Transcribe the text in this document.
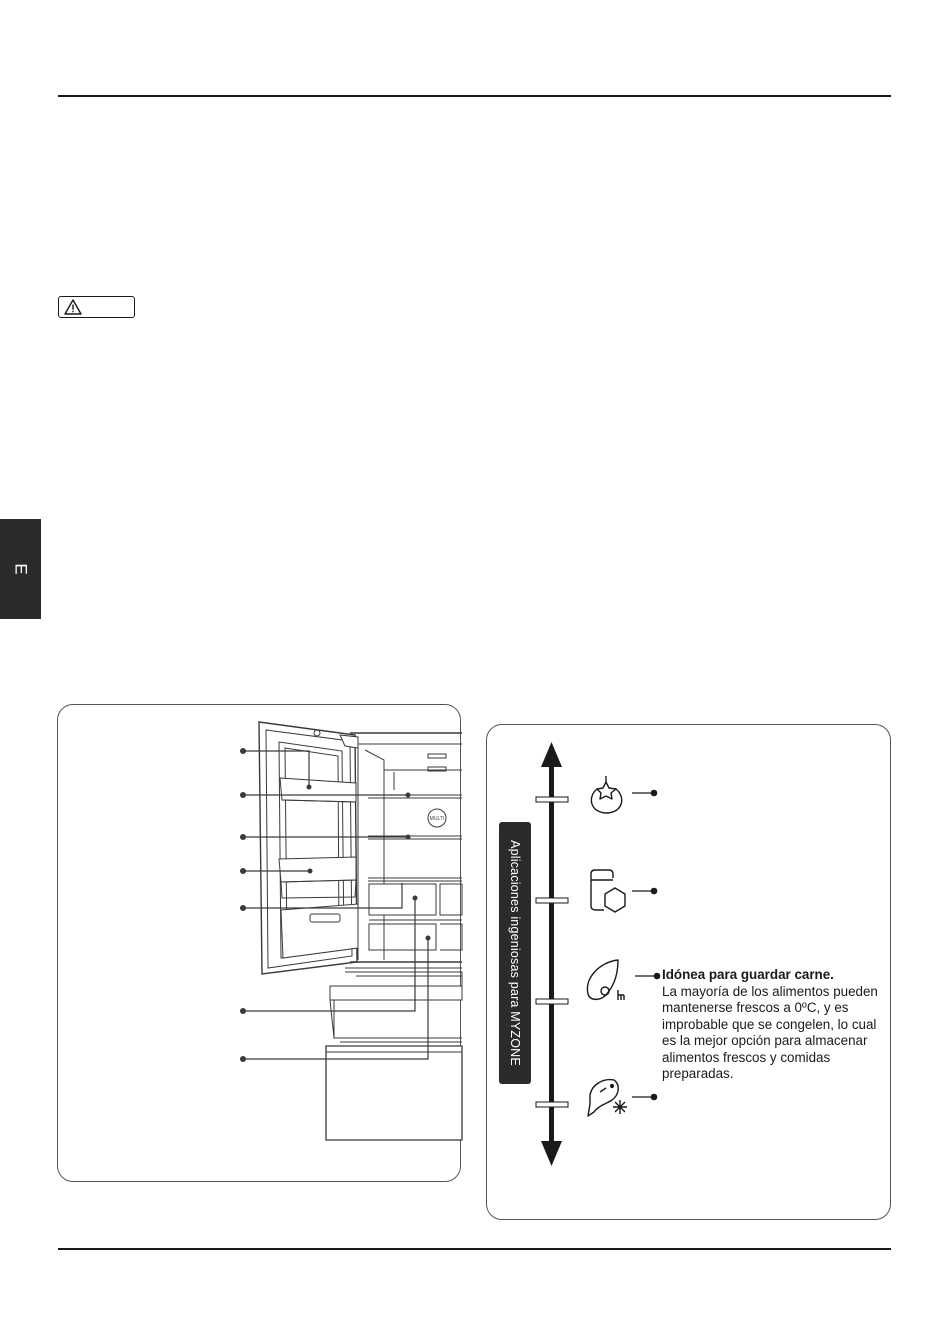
E
MULTI
Aplicaciones ingeniosas para MYZONE	Idónea para guardar carne.
La mayoría de los alimentos pueden mantenerse frescos a 0ºC, y es improbable que se congelen, lo cual es la mejor opción para almacenar alimentos frescos y comidas preparadas.
